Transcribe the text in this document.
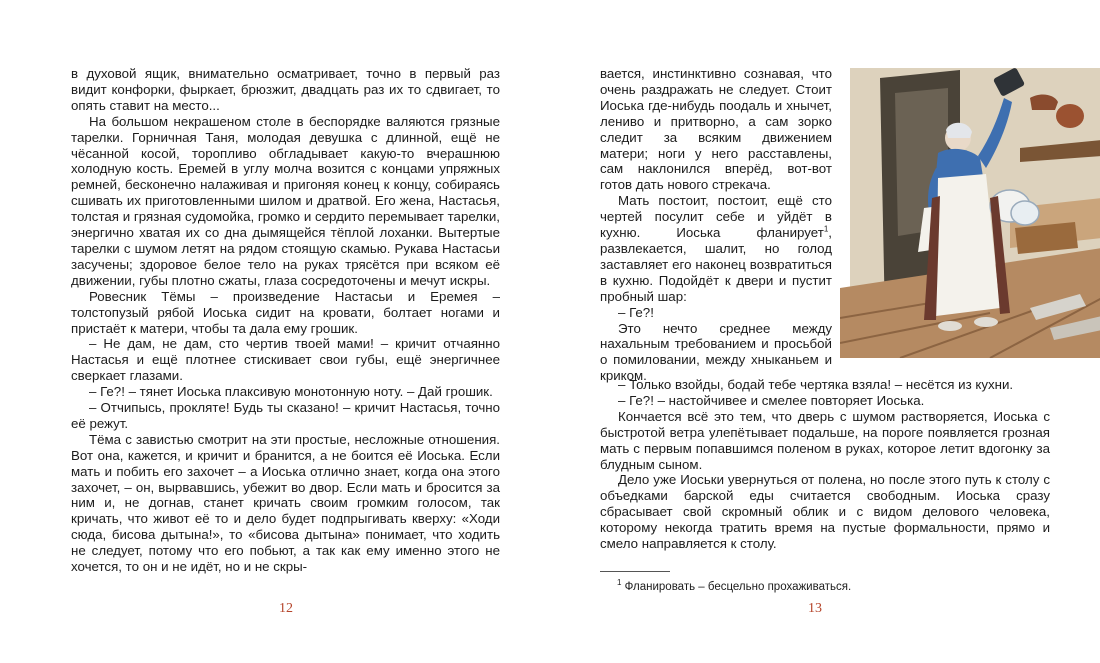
в духовой ящик, внимательно осматривает, точно в первый раз видит конфорки, фыркает, брюзжит, двадцать раз их то сдвигает, то опять ставит на место...

На большом некрашеном столе в беспорядке валяются грязные тарелки. Горничная Таня, молодая девушка с длинной, ещё не чёсанной косой, торопливо обгладывает какую-то вчерашнюю холодную кость. Еремей в углу молча возится с концами упряжных ремней, бесконечно налаживая и пригоняя конец к концу, собираясь сшивать их приготовленными шилом и дратвой. Его жена, Настасья, толстая и грязная судомойка, громко и сердито перемывает тарелки, энергично хватая их со дна дымящейся тёплой лоханки. Вытертые тарелки с шумом летят на рядом стоящую скамью. Рукава Настасьи засучены; здоровое белое тело на руках трясётся при всяком её движении, губы плотно сжаты, глаза сосредоточены и мечут искры.

Ровесник Тёмы – произведение Настасьи и Еремея – толстопузый рябой Иоська сидит на кровати, болтает ногами и пристаёт к матери, чтобы та дала ему грошик.

– Не дам, не дам, сто чертив твоей мами! – кричит отчаянно Настасья и ещё плотнее стискивает свои губы, ещё энергичнее сверкает глазами.

– Ге?! – тянет Иоська плаксивую монотонную ноту. – Дай грошик.

– Отчипысь, проклятe! Будь ты сказано! – кричит Настасья, точно её режут.

Тёма с завистью смотрит на эти простые, несложные отношения. Вот она, кажется, и кричит и бранится, а не боится её Иоська. Если мать и побить его захочет – а Иоська отлично знает, когда она этого захочет, – он, вырвавшись, убежит во двор. Если мать и бросится за ним и, не догнав, станет кричать своим громким голосом, так кричать, что живот её то и дело будет подпрыгивать кверху: «Ходи сюда, бисова дытына!», то «бисова дытына» понимает, что ходить не следует, потому что его побьют, а так как ему именно этого не хочется, то он и не идёт, но и не скры-

12

вается, инстинктивно сознавая, что очень раздражать не следует. Стоит Иоська где-нибудь поодаль и хнычет, лениво и притворно, а сам зорко следит за всяким движением матери; ноги у него расставлены, сам наклонился вперёд, вот-вот готов дать нового стрекача.

Мать постоит, постоит, ещё сто чертей посулит себе и уйдёт в кухню. Иоська фланирует$^1$, развлекается, шалит, но голод заставляет его наконец возвратиться в кухню. Подойдёт к двери и пустит пробный шар:

– Ге?!

Это нечто среднее между нахальным требованием и просьбой о помиловании, между хныканьем и криком.

– Только взойды, бодай тебе чертяка взяла! – несётся из кухни.

– Ге?! – настойчивее и смелее повторяет Иоська.

Кончается всё это тем, что дверь с шумом растворяется, Иоська с быстротой ветра улепётывает подальше, на пороге появляется грозная мать с первым попавшимся поленом в руках, которое летит вдогонку за блудным сыном.

Дело уже Иоськи увернуться от полена, но после этого путь к столу с объедками барской еды считается свободным. Иоська сразу сбрасывает свой скромный облик и с видом делового человека, которому некогда тратить время на пустые формальности, прямо и смело направляется к столу.

$^1$ Фланировать – бесцельно прохаживаться.
13
